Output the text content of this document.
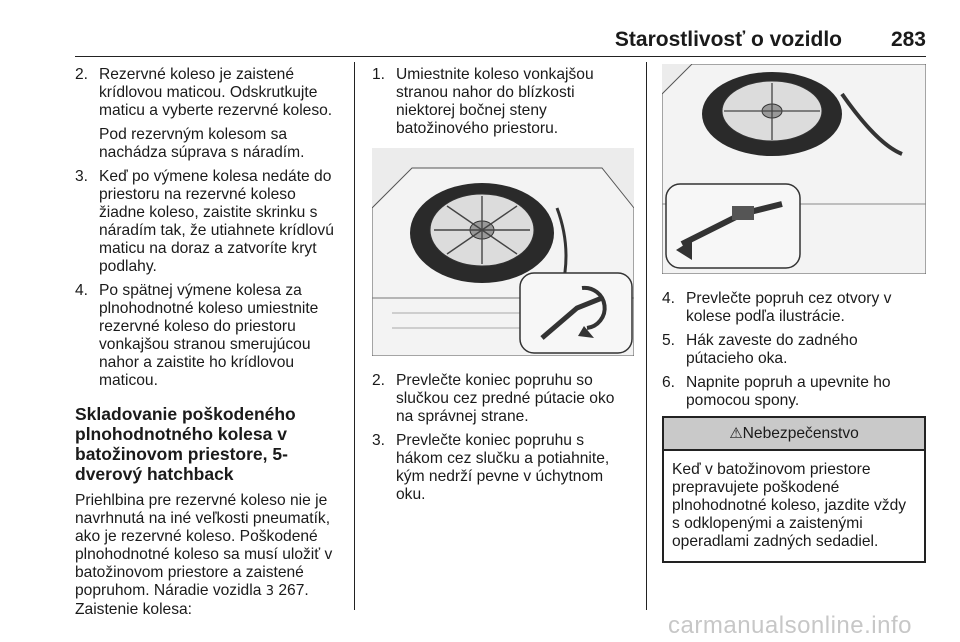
Starostlivosť o vozidlo 283
2. Rezervné koleso je zaistené krídlovou maticou. Odskrutkujte maticu a vyberte rezervné koleso.
Pod rezervným kolesom sa nachádza súprava s náradím.
3. Keď po výmene kolesa nedáte do priestoru na rezervné koleso žiadne koleso, zaistite skrinku s náradím tak, že utiahnete krídlovú maticu na doraz a zatvoríte kryt podlahy.
4. Po spätnej výmene kolesa za plnohodnotné koleso umiestnite rezervné koleso do priestoru vonkajšou stranou smerujúcou nahor a zaistite ho krídlovou maticou.
Skladovanie poškodeného plnohodnotného kolesa v batožinovom priestore, 5-dverový hatchback

Priehlbina pre rezervné koleso nie je navrhnutá na iné veľkosti pneumatík, ako je rezervné koleso. Poškodené plnohodnotné koleso sa musí uložiť v batožinovom priestore a zaistené popruhom. Náradie vozidla 3 267.
Zaistenie kolesa:

1. Umiestnite koleso vonkajšou stranou nahor do blízkosti niektorej bočnej steny batožinového priestoru.
2. Prevlečte koniec popruhu so slučkou cez predné pútacie oko na správnej strane.
3. Prevlečte koniec popruhu s hákom cez slučku a potiahnite, kým nedrží pevne v úchytnom oku.
4. Prevlečte popruh cez otvory v kolese podľa ilustrácie.
5. Hák zaveste do zadného pútacieho oka.
6. Napnite popruh a upevnite ho pomocou spony.
⚠Nebezpečenstvo
Keď v batožinovom priestore prepravujete poškodené plnohodnotné koleso, jazdite vždy s odklopenými a zaistenými operadlami zadných sedadiel.
carmanualsonline.info
